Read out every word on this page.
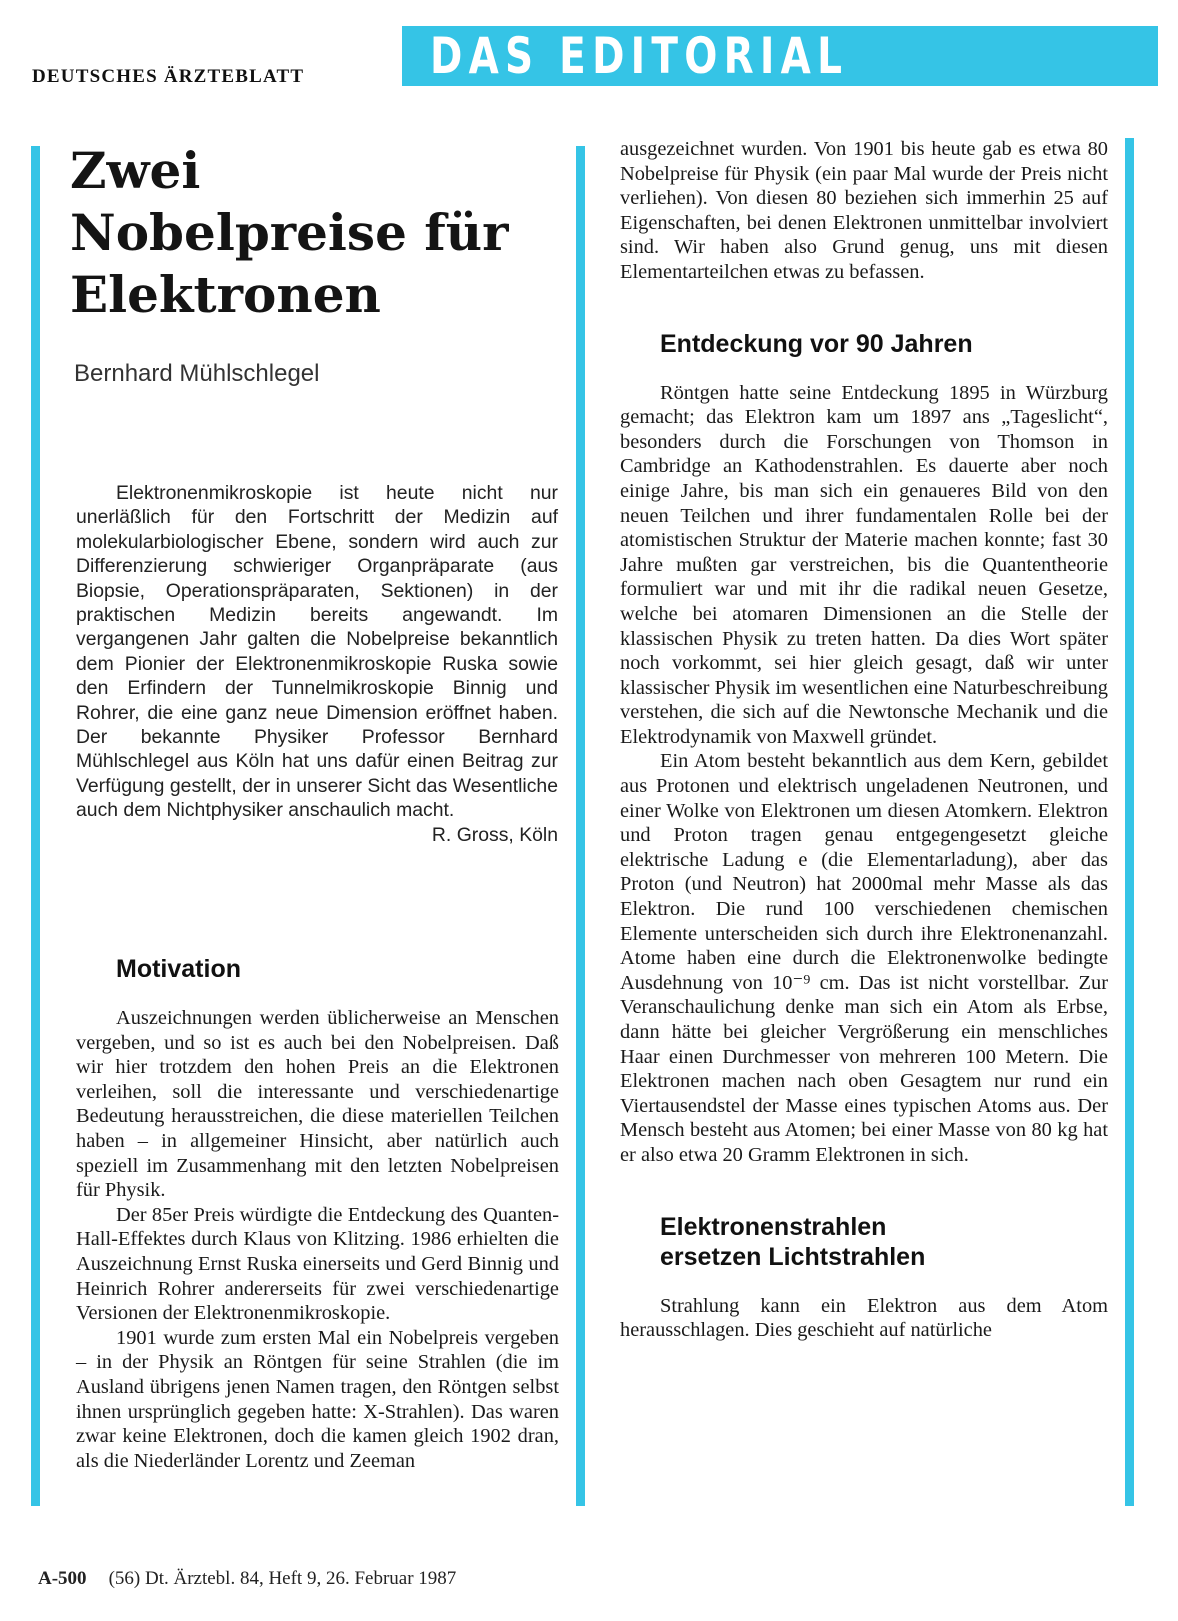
DEUTSCHES ÄRZTEBLATT	DAS EDITORIAL
Zwei Nobelpreise für Elektronen
Bernhard Mühlschlegel

Elektronenmikroskopie ist heute nicht nur unerläßlich für den Fortschritt der Medizin auf molekularbiologischer Ebene, sondern wird auch zur Differenzierung schwieriger Organpräparate (aus Biopsie, Operationspräparaten, Sektionen) in der praktischen Medizin bereits angewandt. Im vergangenen Jahr galten die Nobelpreise bekanntlich dem Pionier der Elektronenmikroskopie Ruska sowie den Erfindern der Tunnelmikroskopie Binnig und Rohrer, die eine ganz neue Dimension eröffnet haben. Der bekannte Physiker Professor Bernhard Mühlschlegel aus Köln hat uns dafür einen Beitrag zur Verfügung gestellt, der in unserer Sicht das Wesentliche auch dem Nichtphysiker anschaulich macht.

R. Gross, Köln

Motivation

Auszeichnungen werden üblicherweise an Menschen vergeben, und so ist es auch bei den Nobelpreisen. Daß wir hier trotzdem den hohen Preis an die Elektronen verleihen, soll die interessante und verschiedenartige Bedeutung herausstreichen, die diese materiellen Teilchen haben – in allgemeiner Hinsicht, aber natürlich auch speziell im Zusammenhang mit den letzten Nobelpreisen für Physik.

Der 85er Preis würdigte die Entdeckung des Quanten-Hall-Effektes durch Klaus von Klitzing. 1986 erhielten die Auszeichnung Ernst Ruska einerseits und Gerd Binnig und Heinrich Rohrer andererseits für zwei verschiedenartige Versionen der Elektronenmikroskopie.

1901 wurde zum ersten Mal ein Nobelpreis vergeben – in der Physik an Röntgen für seine Strahlen (die im Ausland übrigens jenen Namen tragen, den Röntgen selbst ihnen ursprünglich gegeben hatte: X-Strahlen). Das waren zwar keine Elektronen, doch die kamen gleich 1902 dran, als die Niederländer Lorentz und Zeeman

ausgezeichnet wurden. Von 1901 bis heute gab es etwa 80 Nobelpreise für Physik (ein paar Mal wurde der Preis nicht verliehen). Von diesen 80 beziehen sich immerhin 25 auf Eigenschaften, bei denen Elektronen unmittelbar involviert sind. Wir haben also Grund genug, uns mit diesen Elementarteilchen etwas zu befassen.

Entdeckung vor 90 Jahren

Röntgen hatte seine Entdeckung 1895 in Würzburg gemacht; das Elektron kam um 1897 ans „Tageslicht“, besonders durch die Forschungen von Thomson in Cambridge an Kathodenstrahlen. Es dauerte aber noch einige Jahre, bis man sich ein genaueres Bild von den neuen Teilchen und ihrer fundamentalen Rolle bei der atomistischen Struktur der Materie machen konnte; fast 30 Jahre mußten gar verstreichen, bis die Quantentheorie formuliert war und mit ihr die radikal neuen Gesetze, welche bei atomaren Dimensionen an die Stelle der klassischen Physik zu treten hatten. Da dies Wort später noch vorkommt, sei hier gleich gesagt, daß wir unter klassischer Physik im wesentlichen eine Naturbeschreibung verstehen, die sich auf die Newtonsche Mechanik und die Elektrodynamik von Maxwell gründet.

Ein Atom besteht bekanntlich aus dem Kern, gebildet aus Protonen und elektrisch ungeladenen Neutronen, und einer Wolke von Elektronen um diesen Atomkern. Elektron und Proton tragen genau entgegengesetzt gleiche elektrische Ladung e (die Elementarladung), aber das Proton (und Neutron) hat 2000mal mehr Masse als das Elektron. Die rund 100 verschiedenen chemischen Elemente unterscheiden sich durch ihre Elektronenanzahl. Atome haben eine durch die Elektronenwolke bedingte Ausdehnung von 10⁻⁹ cm. Das ist nicht vorstellbar. Zur Veranschaulichung denke man sich ein Atom als Erbse, dann hätte bei gleicher Vergrößerung ein menschliches Haar einen Durchmesser von mehreren 100 Metern. Die Elektronen machen nach oben Gesagtem nur rund ein Viertausendstel der Masse eines typischen Atoms aus. Der Mensch besteht aus Atomen; bei einer Masse von 80 kg hat er also etwa 20 Gramm Elektronen in sich.

Elektronenstrahlen
ersetzen Lichtstrahlen

Strahlung kann ein Elektron aus dem Atom herausschlagen. Dies geschieht auf natürliche

A-500 (56) Dt. Ärztebl. 84, Heft 9, 26. Februar 1987
